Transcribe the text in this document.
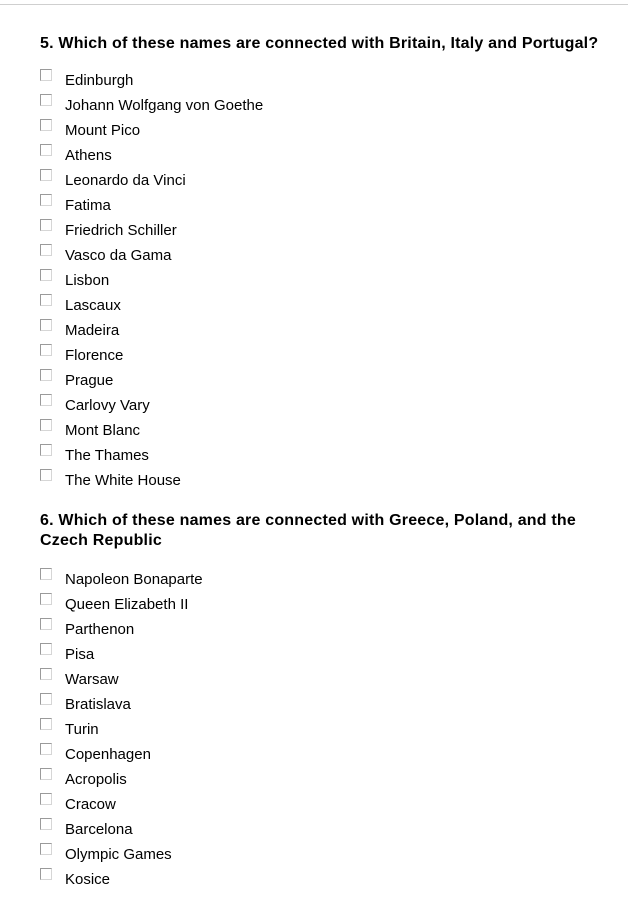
5. Which of these names are connected with Britain, Italy and Portugal?
Edinburgh
Johann Wolfgang von Goethe
Mount Pico
Athens
Leonardo da Vinci
Fatima
Friedrich Schiller
Vasco da Gama
Lisbon
Lascaux
Madeira
Florence
Prague
Carlovy Vary
Mont Blanc
The Thames
The White House
6. Which of these names are connected with Greece, Poland, and the Czech Republic
Napoleon Bonaparte
Queen Elizabeth II
Parthenon
Pisa
Warsaw
Bratislava
Turin
Copenhagen
Acropolis
Cracow
Barcelona
Olympic Games
Kosice
